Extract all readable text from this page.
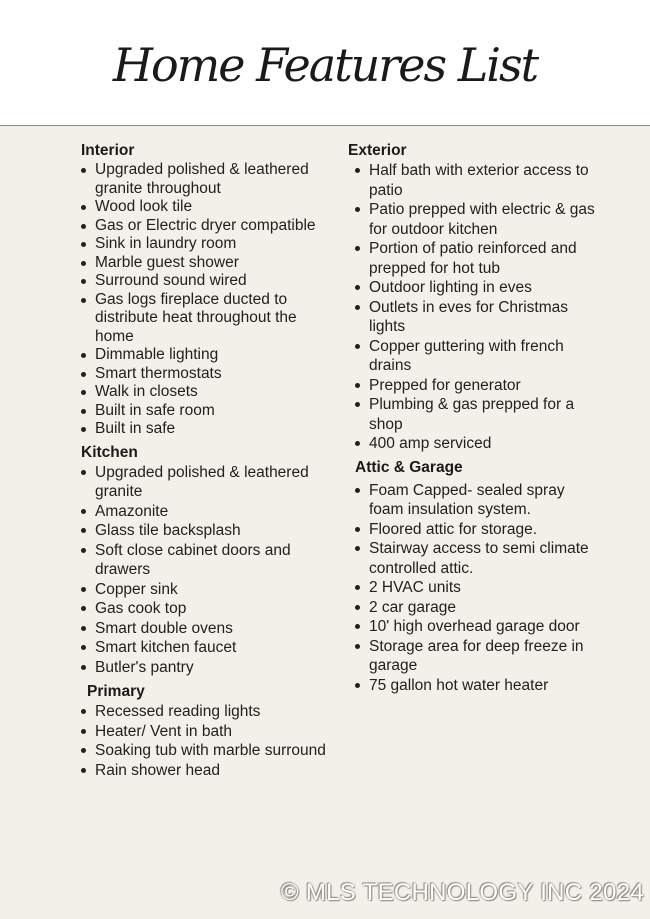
Home Features List
Interior
Upgraded polished & leathered granite throughout
Wood look tile
Gas or Electric dryer compatible
Sink in laundry room
Marble guest shower
Surround sound wired
Gas logs fireplace ducted to distribute heat throughout the home
Dimmable lighting
Smart thermostats
Walk in closets
Built in safe room
Built in safe
Kitchen
Upgraded polished & leathered granite
Amazonite
Glass tile backsplash
Soft close cabinet doors and drawers
Copper sink
Gas cook top
Smart double ovens
Smart kitchen faucet
Butler's pantry
Primary
Recessed reading lights
Heater/ Vent in bath
Soaking tub with marble surround
Rain shower head
Exterior
Half bath with exterior access to patio
Patio prepped with electric & gas for outdoor kitchen
Portion of patio reinforced and prepped for hot tub
Outdoor lighting in eves
Outlets in eves for Christmas lights
Copper guttering with french drains
Prepped for generator
Plumbing & gas prepped for a shop
400 amp serviced
Attic & Garage
Foam Capped- sealed spray foam insulation system.
Floored attic for storage.
Stairway access to semi climate controlled attic.
2 HVAC units
2 car garage
10' high overhead garage door
Storage area for deep freeze in garage
75 gallon hot water heater
© MLS TECHNOLOGY INC 2024
